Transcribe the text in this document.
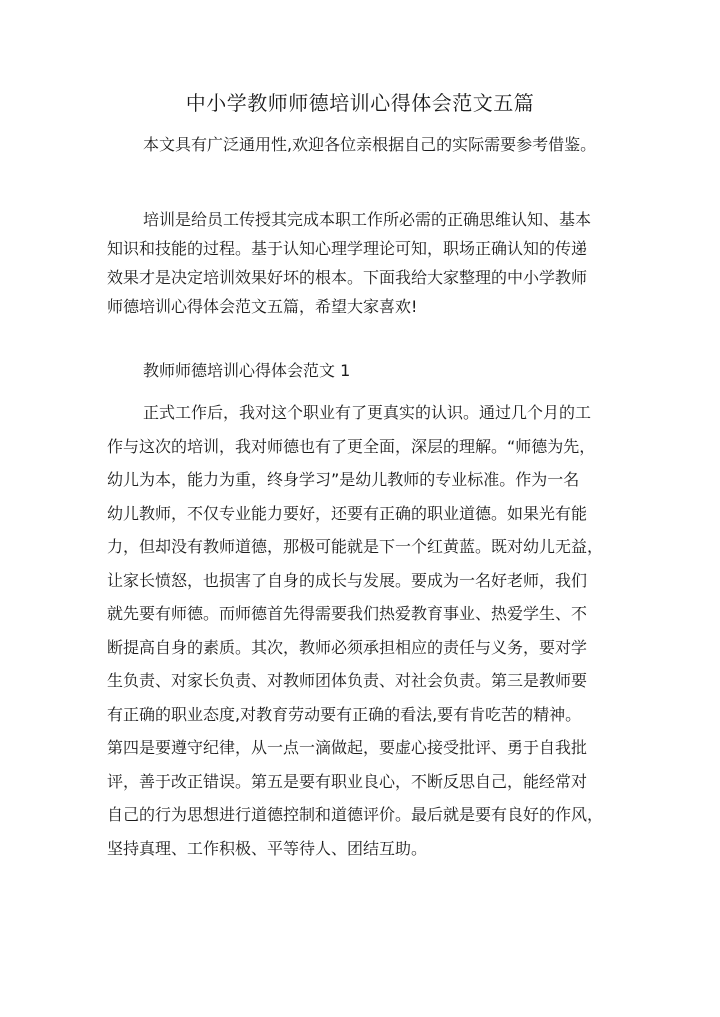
中小学教师师德培训心得体会范文五篇
本文具有广泛通用性,欢迎各位亲根据自己的实际需要参考借鉴。
培训是给员工传授其完成本职工作所必需的正确思维认知、基本
知识和技能的过程。基于认知心理学理论可知，职场正确认知的传递
效果才是决定培训效果好坏的根本。下面我给大家整理的中小学教师
师德培训心得体会范文五篇，希望大家喜欢!
教师师德培训心得体会范文 1
正式工作后，我对这个职业有了更真实的认识。通过几个月的工
作与这次的培训，我对师德也有了更全面，深层的理解。“师德为先，
幼儿为本，能力为重，终身学习”是幼儿教师的专业标准。作为一名
幼儿教师，不仅专业能力要好，还要有正确的职业道德。如果光有能
力，但却没有教师道德，那极可能就是下一个红黄蓝。既对幼儿无益，
让家长愤怒，也损害了自身的成长与发展。要成为一名好老师，我们
就先要有师德。而师德首先得需要我们热爱教育事业、热爱学生、不
断提高自身的素质。其次，教师必须承担相应的责任与义务，要对学
生负责、对家长负责、对教师团体负责、对社会负责。第三是教师要
有正确的职业态度,对教育劳动要有正确的看法,要有肯吃苦的精神。
第四是要遵守纪律，从一点一滴做起，要虚心接受批评、勇于自我批
评，善于改正错误。第五是要有职业良心，不断反思自己，能经常对
自己的行为思想进行道德控制和道德评价。最后就是要有良好的作风，
坚持真理、工作积极、平等待人、团结互助。
